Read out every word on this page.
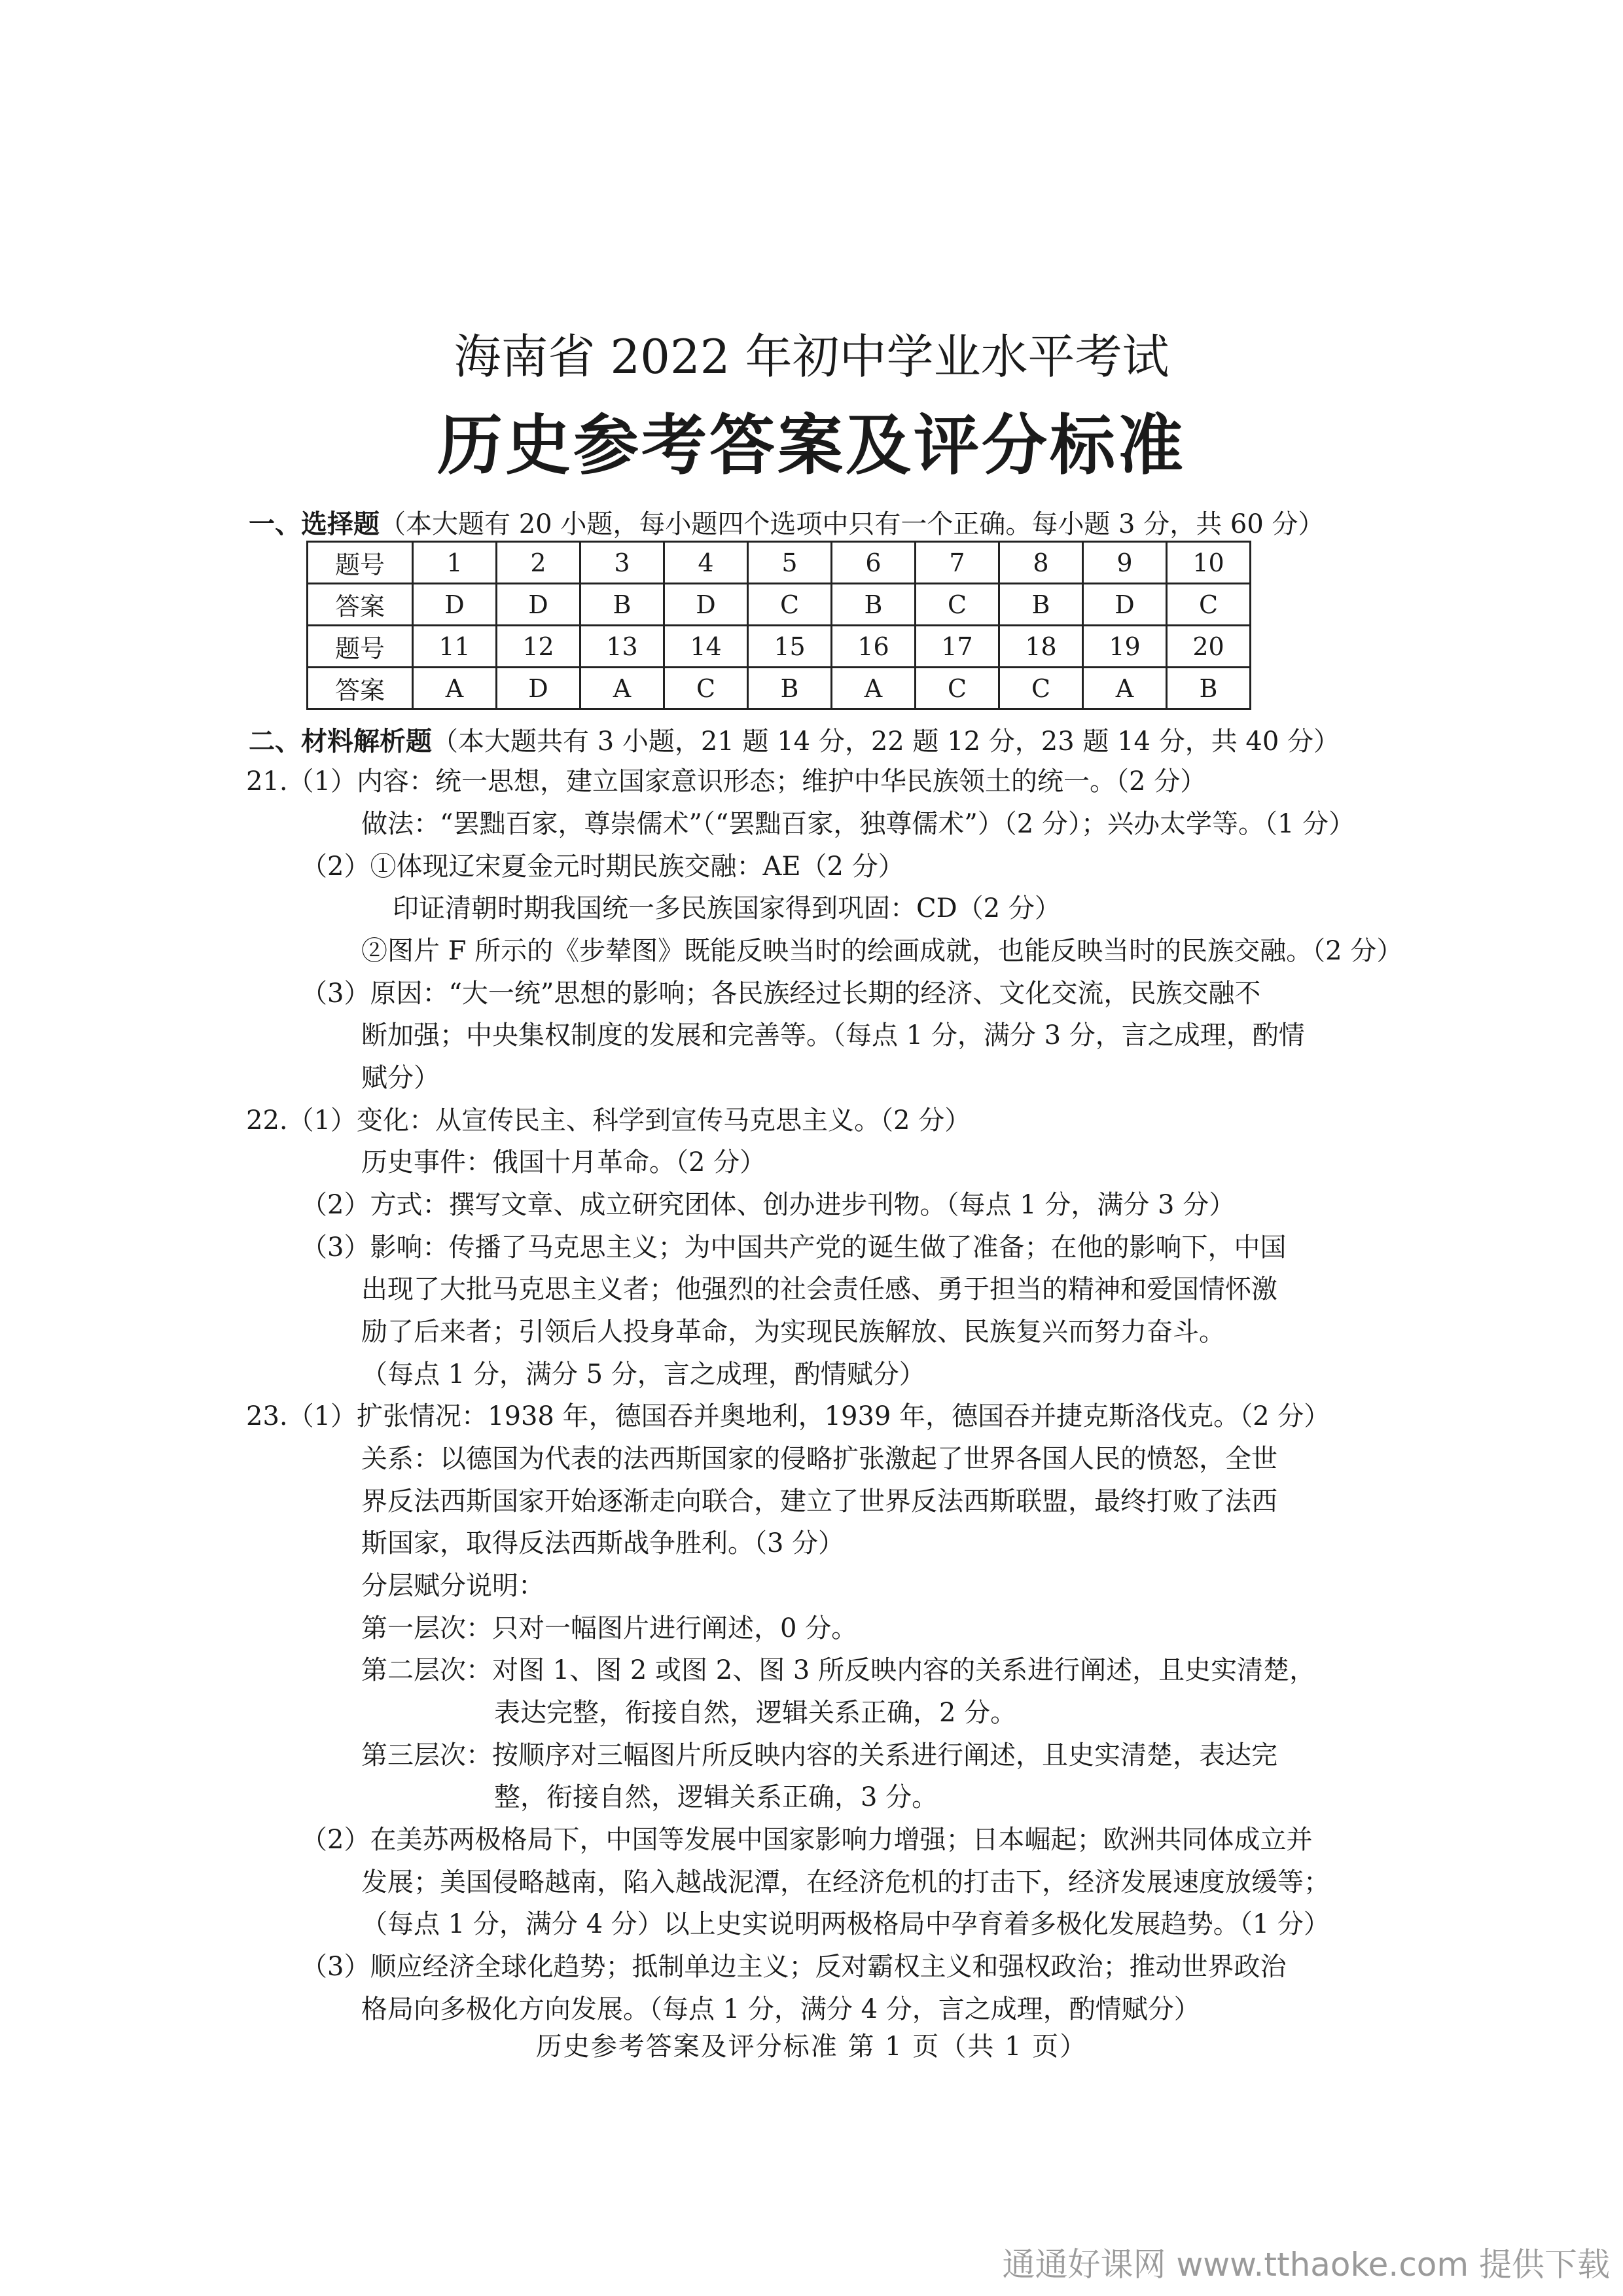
海南省 2022 年初中学业水平考试
历史参考答案及评分标准
一、选择题（本大题有 20 小题，每小题四个选项中只有一个正确。每小题 3 分，共 60 分）
题号	1	2	3	4	5	6	7	8	9	10
答案	D	D	B	D	C	B	C	B	D	C
题号	11	12	13	14	15	16	17	18	19	20
答案	A	D	A	C	B	A	C	C	A	B
二、材料解析题（本大题共有 3 小题，21 题 14 分，22 题 12 分，23 题 14 分，共 40 分）
21.（1）内容：统一思想，建立国家意识形态；维护中华民族领土的统一。（2 分）
做法：“罢黜百家，尊崇儒术”（“罢黜百家，独尊儒术”）（2 分）；兴办太学等。（1 分）
（2）①体现辽宋夏金元时期民族交融：AE（2 分）
印证清朝时期我国统一多民族国家得到巩固：CD（2 分）
②图片 F 所示的《步辇图》既能反映当时的绘画成就，也能反映当时的民族交融。（2 分）
（3）原因：“大一统”思想的影响；各民族经过长期的经济、文化交流，民族交融不
断加强；中央集权制度的发展和完善等。（每点 1 分，满分 3 分，言之成理，酌情
赋分）
22.（1）变化：从宣传民主、科学到宣传马克思主义。（2 分）
历史事件：俄国十月革命。（2 分）
（2）方式：撰写文章、成立研究团体、创办进步刊物。（每点 1 分，满分 3 分）
（3）影响：传播了马克思主义；为中国共产党的诞生做了准备；在他的影响下，中国
出现了大批马克思主义者；他强烈的社会责任感、勇于担当的精神和爱国情怀激
励了后来者；引领后人投身革命，为实现民族解放、民族复兴而努力奋斗。
（每点 1 分，满分 5 分，言之成理，酌情赋分）
23.（1）扩张情况：1938 年，德国吞并奥地利，1939 年，德国吞并捷克斯洛伐克。（2 分）
关系：以德国为代表的法西斯国家的侵略扩张激起了世界各国人民的愤怒，全世
界反法西斯国家开始逐渐走向联合，建立了世界反法西斯联盟，最终打败了法西
斯国家，取得反法西斯战争胜利。（3 分）
分层赋分说明：
第一层次：只对一幅图片进行阐述，0 分。
第二层次：对图 1、图 2 或图 2、图 3 所反映内容的关系进行阐述，且史实清楚，
表达完整，衔接自然，逻辑关系正确，2 分。
第三层次：按顺序对三幅图片所反映内容的关系进行阐述，且史实清楚，表达完
整，衔接自然，逻辑关系正确，3 分。
（2）在美苏两极格局下，中国等发展中国家影响力增强；日本崛起；欧洲共同体成立并
发展；美国侵略越南，陷入越战泥潭，在经济危机的打击下，经济发展速度放缓等；
（每点 1 分，满分 4 分）以上史实说明两极格局中孕育着多极化发展趋势。（1 分）
（3）顺应经济全球化趋势；抵制单边主义；反对霸权主义和强权政治；推动世界政治
格局向多极化方向发展。（每点 1 分，满分 4 分，言之成理，酌情赋分）
历史参考答案及评分标准 第 1 页（共 1 页）
通通好课网 www.tthaoke.com 提供下载
